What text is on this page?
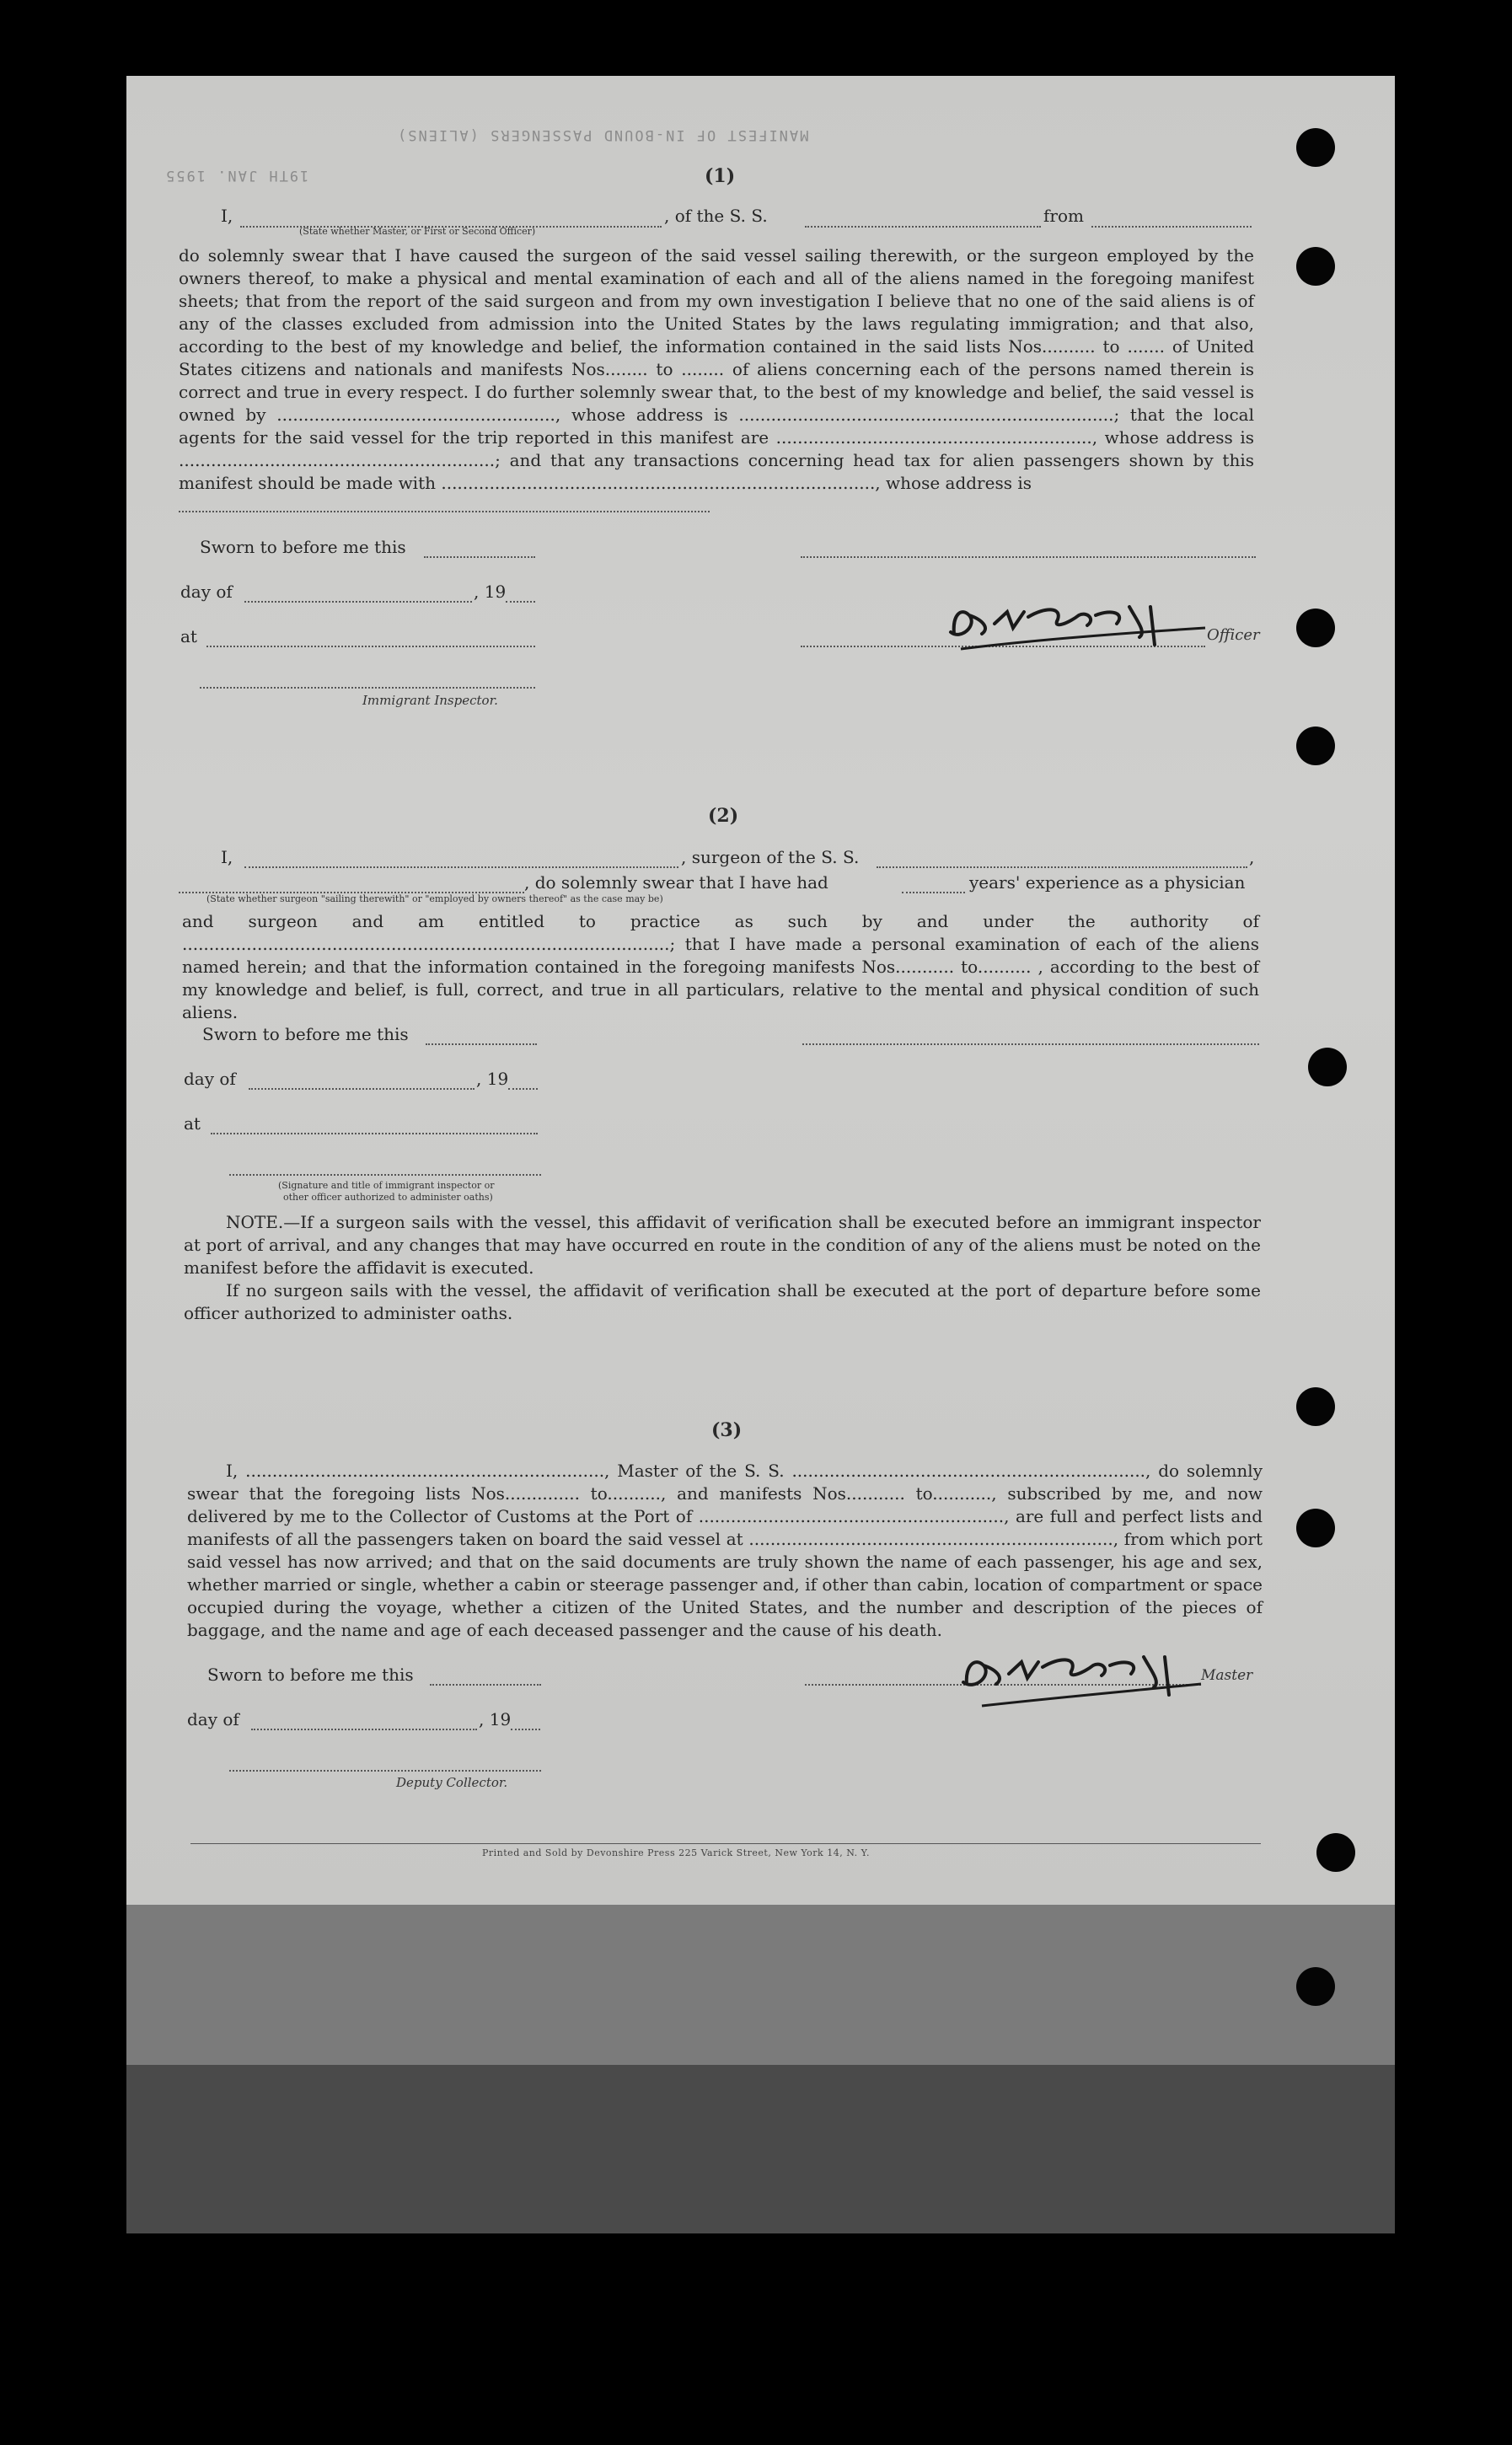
MANIFEST OF IN-BOUND PASSENGERS (ALIENS)
19TH JAN. 1955	(1)
I,	, of the S. S.	from
(State whether Master, or First or Second Officer)
do solemnly swear that I have caused the surgeon of the said vessel sailing therewith, or the surgeon employed by the owners thereof, to make a physical and mental examination of each and all of the aliens named in the foregoing manifest sheets; that from the report of the said surgeon and from my own investigation I believe that no one of the said aliens is of any of the classes excluded from admission into the United States by the laws regulating immigration; and that also, according to the best of my knowledge and belief, the information contained in the said lists Nos.......... to ....... of United States citizens and nationals and manifests Nos........ to ........ of aliens concerning each of the persons named therein is correct and true in every respect. I do further solemnly swear that, to the best of my knowledge and belief, the said vessel is owned by ...................................................., whose address is ......................................................................; that the local agents for the said vessel for the trip reported in this manifest are ..........................................................., whose address is ...........................................................; and that any transactions concerning head tax for alien passengers shown by this manifest should be made with ................................................................................., whose address is
Sworn to before me this
day of	, 19
at	Officer
Immigrant Inspector.
(2)
I,	, surgeon of the S. S.	,
, do solemnly swear that I have had	years' experience as a physician
(State whether surgeon "sailing therewith" or "employed by owners thereof" as the case may be)
and surgeon and am entitled to practice as such by and under the authority of ...........................................................................................; that I have made a personal examination of each of the aliens named herein; and that the information contained in the foregoing manifests Nos........... to.......... , according to the best of my knowledge and belief, is full, correct, and true in all particulars, relative to the mental and physical condition of such aliens.
Sworn to before me this
day of	, 19
at
(Signature and title of immigrant inspector or
other officer authorized to administer oaths)
NOTE.—If a surgeon sails with the vessel, this affidavit of verification shall be executed before an immigrant inspector at port of arrival, and any changes that may have occurred en route in the condition of any of the aliens must be noted on the manifest before the affidavit is executed.
If no surgeon sails with the vessel, the affidavit of verification shall be executed at the port of departure before some officer authorized to administer oaths.
(3)
I, ..................................................................., Master of the S. S. .................................................................., do solemnly swear that the foregoing lists Nos.............. to.........., and manifests Nos........... to..........., subscribed by me, and now delivered by me to the Collector of Customs at the Port of ........................................................., are full and perfect lists and manifests of all the passengers taken on board the said vessel at ...................................................................., from which port said vessel has now arrived; and that on the said documents are truly shown the name of each passenger, his age and sex, whether married or single, whether a cabin or steerage passenger and, if other than cabin, location of compartment or space occupied during the voyage, whether a citizen of the United States, and the number and description of the pieces of baggage, and the name and age of each deceased passenger and the cause of his death.
Sworn to before me this	Master
day of	, 19
Deputy Collector.
Printed and Sold by Devonshire Press 225 Varick Street, New York 14, N. Y.
